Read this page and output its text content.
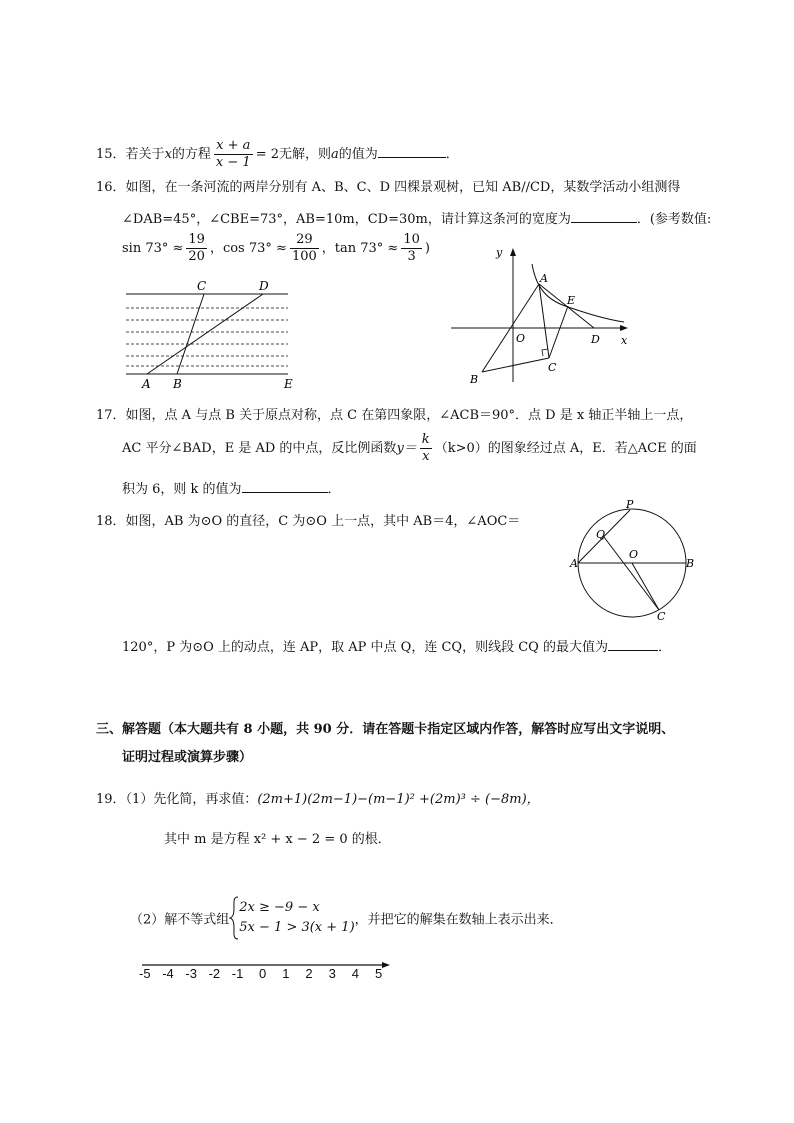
15．若关于x的方程 $\frac{x + a}{x - 1} = 2$无解，则a的值为	．
16．如图，在一条河流的两岸分别有 A、B、C、D 四棵景观树，已知 AB//CD，某数学活动小组测得
∠DAB=45°，∠CBE=73°，AB=10m，CD=30m，请计算这条河的宽度为	．(参考数值:
$\sin 73^\circ \approx \frac{19}{20}$ ，$\cos 73^\circ \approx \frac{29}{100}$ ，$\tan 73^\circ \approx \frac{10}{3}$ )
C	D
A B	E
y
A
E
O	D x
B
C
17．如图，点 A 与点 B 关于原点对称，点 C 在第四象限，∠ACB＝90°．点 D 是 x 轴正半轴上一点，
AC 平分∠BAD，E 是 AD 的中点，反比例函数$y= \frac{k}{x} (k>0)$的图象经过点 A，E．若△ACE 的面
积为 6，则 k 的值为	．
18．如图，AB 为⊙O 的直径，C 为⊙O 上一点，其中 AB＝4，∠AOC＝
P
Q
O
A	B
C
120°，P 为⊙O 上的动点，连 AP，取 AP 中点 Q，连 CQ，则线段 CQ 的最大值为	．
三、解答题（本大题共有 8 小题，共 90 分．请在答题卡指定区域内作答，解答时应写出文字说明、
证明过程或演算步骤）
19．（1）先化简，再求值：(2m+1)(2m−1)−(m−1)² +(2m)³ ÷ (−8m)，
其中 m 是方程 x² + x − 2 = 0 的根．
（2）解不等式组
2x ≥ −9 − x
5x − 1 > 3(x + 1) ，并把它的解集在数轴上表示出来．
-5 -4 -3 -2 -1 0 1 2 3 4 5
